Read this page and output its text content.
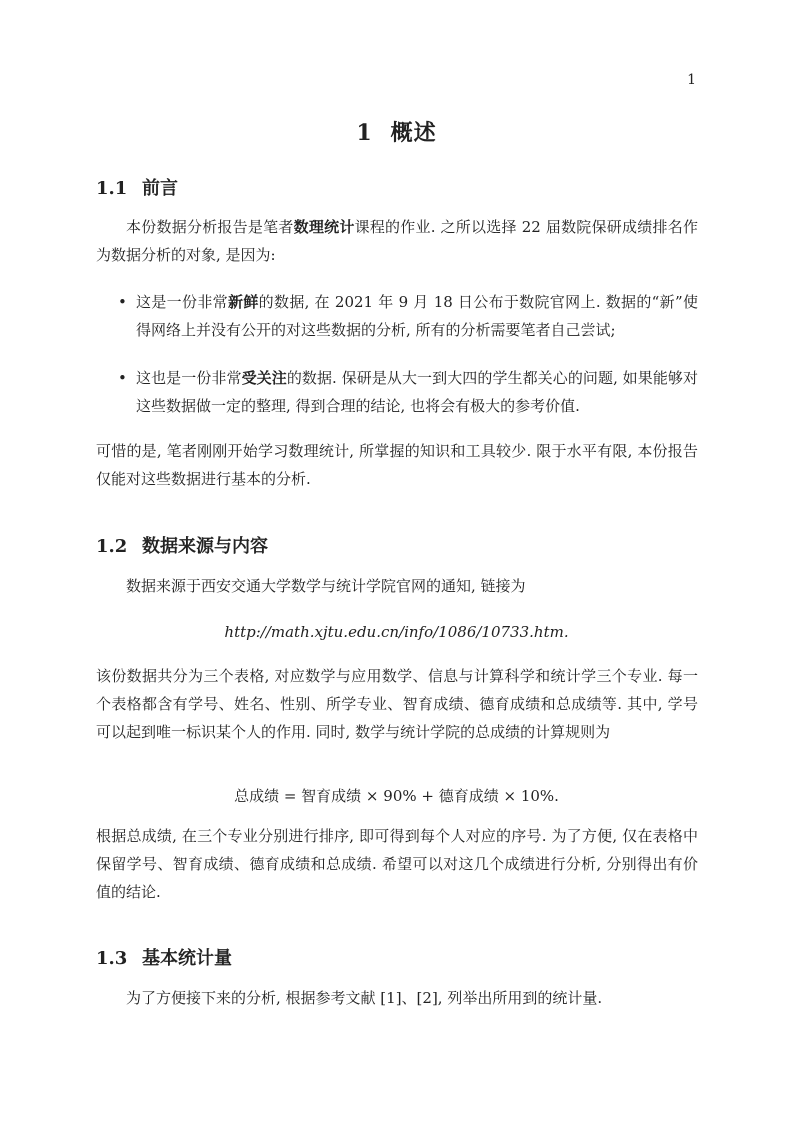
1
1 概述
1.1 前言

本份数据分析报告是笔者数理统计课程的作业. 之所以选择 22 届数院保研成绩排名作为数据分析的对象, 是因为:

• 这是一份非常新鲜的数据, 在 2021 年 9 月 18 日公布于数院官网上. 数据的“新”使得网络上并没有公开的对这些数据的分析, 所有的分析需要笔者自己尝试;

• 这也是一份非常受关注的数据. 保研是从大一到大四的学生都关心的问题, 如果能够对这些数据做一定的整理, 得到合理的结论, 也将会有极大的参考价值.

可惜的是, 笔者刚刚开始学习数理统计, 所掌握的知识和工具较少. 限于水平有限, 本份报告仅能对这些数据进行基本的分析.

1.2 数据来源与内容

数据来源于西安交通大学数学与统计学院官网的通知, 链接为

http://math.xjtu.edu.cn/info/1086/10733.htm.

该份数据共分为三个表格, 对应数学与应用数学、信息与计算科学和统计学三个专业. 每一个表格都含有学号、姓名、性别、所学专业、智育成绩、德育成绩和总成绩等. 其中, 学号可以起到唯一标识某个人的作用. 同时, 数学与统计学院的总成绩的计算规则为

总成绩 = 智育成绩 × 90% + 德育成绩 × 10%.

根据总成绩, 在三个专业分别进行排序, 即可得到每个人对应的序号. 为了方便, 仅在表格中保留学号、智育成绩、德育成绩和总成绩. 希望可以对这几个成绩进行分析, 分别得出有价值的结论.

1.3 基本统计量

为了方便接下来的分析, 根据参考文献 [1]、[2], 列举出所用到的统计量.
